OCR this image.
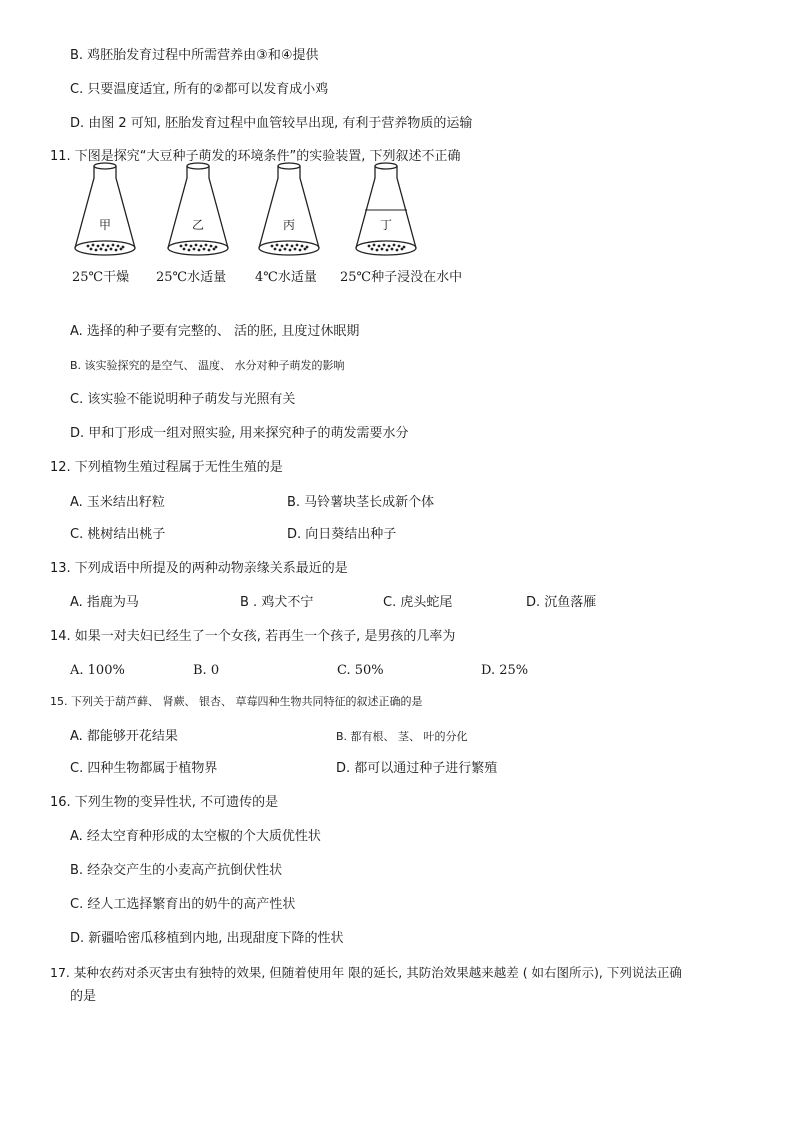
B. 鸡胚胎发育过程中所需营养由③和④提供
C. 只要温度适宜, 所有的②都可以发育成小鸡
D. 由图 2 可知, 胚胎发育过程中血管较早出现, 有利于营养物质的运输
11. 下图是探究“大豆种子萌发的环境条件”的实验装置, 下列叙述不正确
甲	乙	丙	丁
25℃干燥 25℃水适量 4℃水适量 25℃种子浸没在水中
A. 选择的种子要有完整的、 活的胚, 且度过休眠期
B. 该实验探究的是空气、 温度、 水分对种子萌发的影响
C. 该实验不能说明种子萌发与光照有关
D. 甲和丁形成一组对照实验, 用来探究种子的萌发需要水分
12. 下列植物生殖过程属于无性生殖的是
A. 玉米结出籽粒	B. 马铃薯块茎长成新个体
C. 桃树结出桃子	D. 向日葵结出种子
13. 下列成语中所提及的两种动物亲缘关系最近的是
A. 指鹿为马	B . 鸡犬不宁	C. 虎头蛇尾	D. 沉鱼落雁
14. 如果一对夫妇已经生了一个女孩, 若再生一个孩子, 是男孩的几率为
A. 100%	B. 0	C. 50%	D. 25%
15. 下列关于葫芦藓、 肾蕨、 银杏、 草莓四种生物共同特征的叙述正确的是
A. 都能够开花结果	B. 都有根、 茎、 叶的分化
C. 四种生物都属于植物界	D. 都可以通过种子进行繁殖
16. 下列生物的变异性状, 不可遗传的是
A. 经太空育种形成的太空椒的个大质优性状
B. 经杂交产生的小麦高产抗倒伏性状
C. 经人工选择繁育出的奶牛的高产性状
D. 新疆哈密瓜移植到内地, 出现甜度下降的性状
17. 某种农药对杀灭害虫有独特的效果, 但随着使用年 限的延长, 其防治效果越来越差 ( 如右图所示), 下列说法正确
的是
